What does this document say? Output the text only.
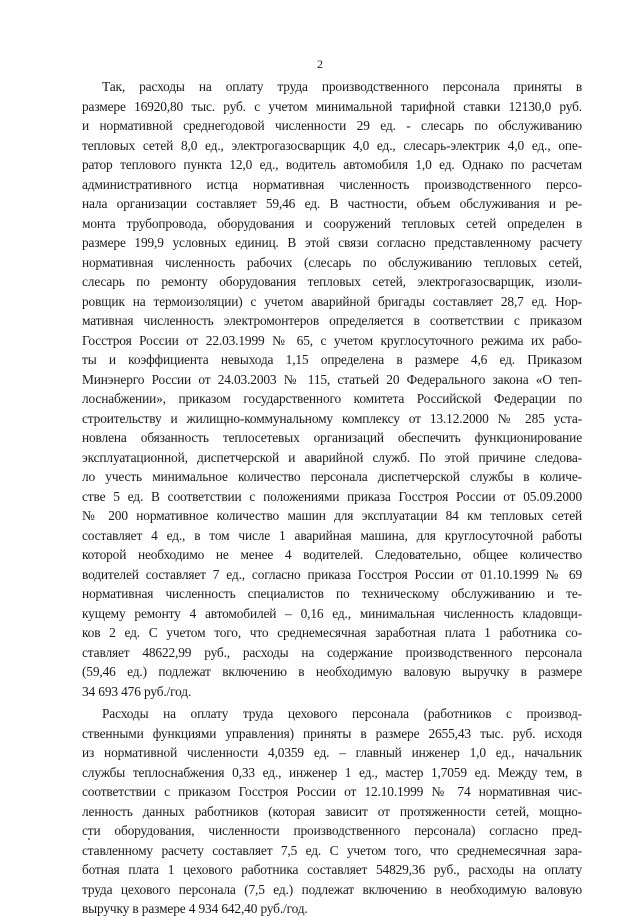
2

Так, расходы на оплату труда производственного персонала приняты в
размере 16920,80 тыс. руб. с учетом минимальной тарифной ставки 12130,0 руб.
и нормативной среднегодовой численности 29 ед. - слесарь по обслуживанию
тепловых сетей 8,0 ед., электрогазосварщик 4,0 ед., слесарь-электрик 4,0 ед., опе-
ратор теплового пункта 12,0 ед., водитель автомобиля 1,0 ед. Однако по расчетам
административного истца нормативная численность производственного персо-
нала организации составляет 59,46 ед. В частности, объем обслуживания и ре-
монта трубопровода, оборудования и сооружений тепловых сетей определен в
размере 199,9 условных единиц. В этой связи согласно представленному расчету
нормативная численность рабочих (слесарь по обслуживанию тепловых сетей,
слесарь по ремонту оборудования тепловых сетей, электрогазосварщик, изоли-
ровщик на термоизоляции) с учетом аварийной бригады составляет 28,7 ед. Нор-
мативная численность электромонтеров определяется в соответствии с приказом
Госстроя России от 22.03.1999 № 65, с учетом круглосуточного режима их рабо-
ты и коэффициента невыхода 1,15 определена в размере 4,6 ед. Приказом
Минэнерго России от 24.03.2003 № 115, статьей 20 Федерального закона «О теп-
лоснабжении», приказом государственного комитета Российской Федерации по
строительству и жилищно-коммунальному комплексу от 13.12.2000 № 285 уста-
новлена обязанность теплосетевых организаций обеспечить функционирование
эксплуатационной, диспетчерской и аварийной служб. По этой причине следова-
ло учесть минимальное количество персонала диспетчерской службы в количе-
стве 5 ед. В соответствии с положениями приказа Госстроя России от 05.09.2000
№ 200 нормативное количество машин для эксплуатации 84 км тепловых сетей
составляет 4 ед., в том числе 1 аварийная машина, для круглосуточной работы
которой необходимо не менее 4 водителей. Следовательно, общее количество
водителей составляет 7 ед., согласно приказа Госстроя России от 01.10.1999 № 69
нормативная численность специалистов по техническому обслуживанию и те-
кущему ремонту 4 автомобилей – 0,16 ед., минимальная численность кладовщи-
ков 2 ед. С учетом того, что среднемесячная заработная плата 1 работника со-
ставляет 48622,99 руб., расходы на содержание производственного персонала
(59,46 ед.) подлежат включению в необходимую валовую выручку в размере
34 693 476 руб./год.

Расходы на оплату труда цехового персонала (работников с производ-
ственными функциями управления) приняты в размере 2655,43 тыс. руб. исходя
из нормативной численности 4,0359 ед. – главный инженер 1,0 ед., начальник
службы теплоснабжения 0,33 ед., инженер 1 ед., мастер 1,7059 ед. Между тем, в
соответствии с приказом Госстроя России от 12.10.1999 № 74 нормативная чис-
ленность данных работников (которая зависит от протяженности сетей, мощно-
сти оборудования, численности производственного персонала) согласно пред-
ставленному расчету составляет 7,5 ед. С учетом того, что среднемесячная зара-
ботная плата 1 цехового работника составляет 54829,36 руб., расходы на оплату
труда цехового персонала (7,5 ед.) подлежат включению в необходимую валовую
выручку в размере 4 934 642,40 руб./год.
